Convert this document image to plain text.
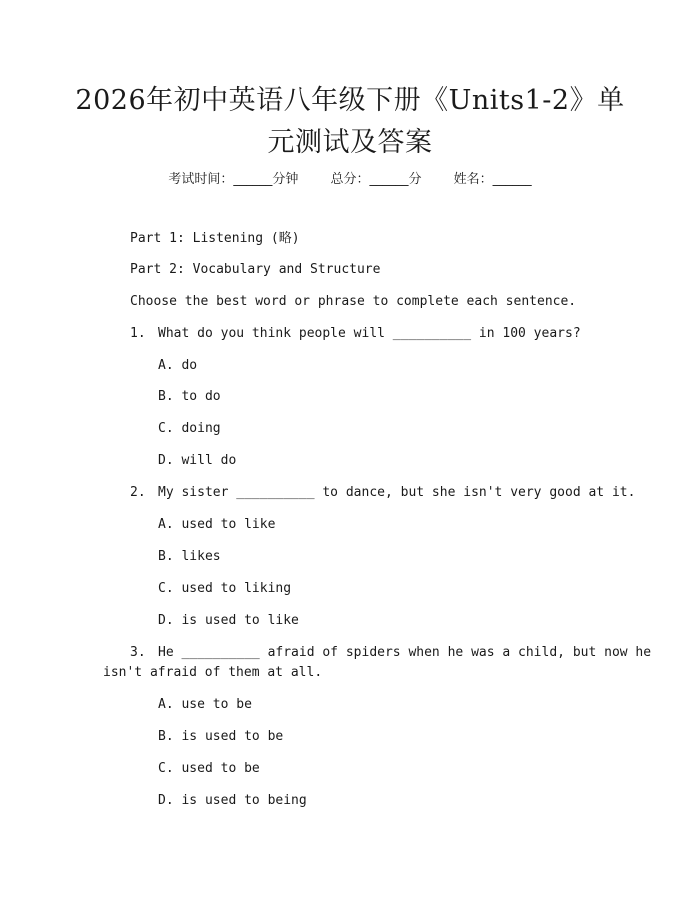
2026年初中英语八年级下册《Units1-2》单
元测试及答案
考试时间：______分钟 总分：______分 姓名：______
Part 1: Listening (略)
Part 2: Vocabulary and Structure
Choose the best word or phrase to complete each sentence.
1. What do you think people will __________ in 100 years?
A. do
B. to do
C. doing
D. will do
2. My sister __________ to dance, but she isn't very good at it.
A. used to like
B. likes
C. used to liking
D. is used to like
3. He __________ afraid of spiders when he was a child, but now he
isn't afraid of them at all.
A. use to be
B. is used to be
C. used to be
D. is used to being
